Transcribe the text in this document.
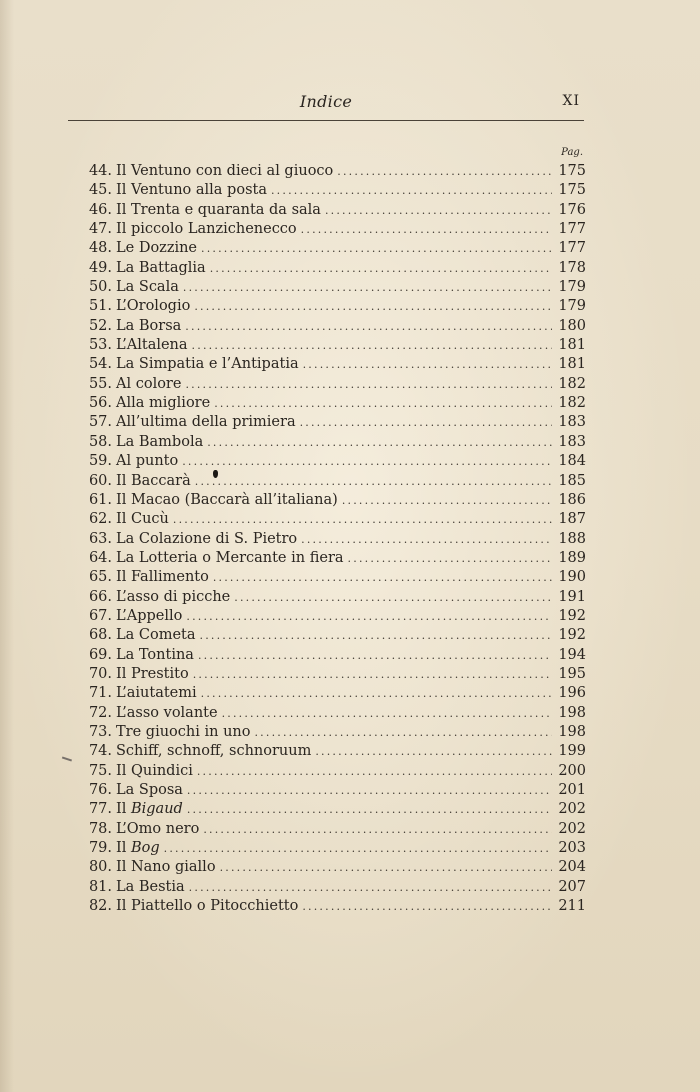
Indice	XI
Pag.
44. Il Ventuno con dieci al giuoco .....	175
45. Il Ventuno alla posta .....	175
46. Il Trenta e quaranta da sala .....	176
47. Il piccolo Lanzichenecco .....	177
48. Le Dozzine .....	177
49. La Battaglia .....	178
50. La Scala .....	179
51. L’Orologio .....	179
52. La Borsa .....	180
53. L’Altalena .....	181
54. La Simpatia e l’Antipatia .....	181
55. Al colore .....	182
56. Alla migliore .....	182
57. All’ultima della primiera .....	183
58. La Bambola .....	183
59. Al punto .....	184
60. Il Baccarà .....	185
61. Il Macao (Baccarà all’italiana) .....	186
62. Il Cucù .....	187
63. La Colazione di S. Pietro .....	188
64. La Lotteria o Mercante in fiera .....	189
65. Il Fallimento .....	190
66. L’asso di picche .....	191
67. L’Appello .....	192
68. La Cometa .....	192
69. La Tontina .....	194
70. Il Prestito .....	195
71. L’aiutatemi .....	196
72. L’asso volante .....	198
73. Tre giuochi in uno .....	198
74. Schiff, schnoff, schnoruum .....	199
75. Il Quindici .....	200
76. La Sposa .....	201
77. Il Bigaud .....	202
78. L’Omo nero .....	202
79. Il Bog .....	203
80. Il Nano giallo .....	204
81. La Bestia .....	207
82. Il Piattello o Pitocchietto .....	211
